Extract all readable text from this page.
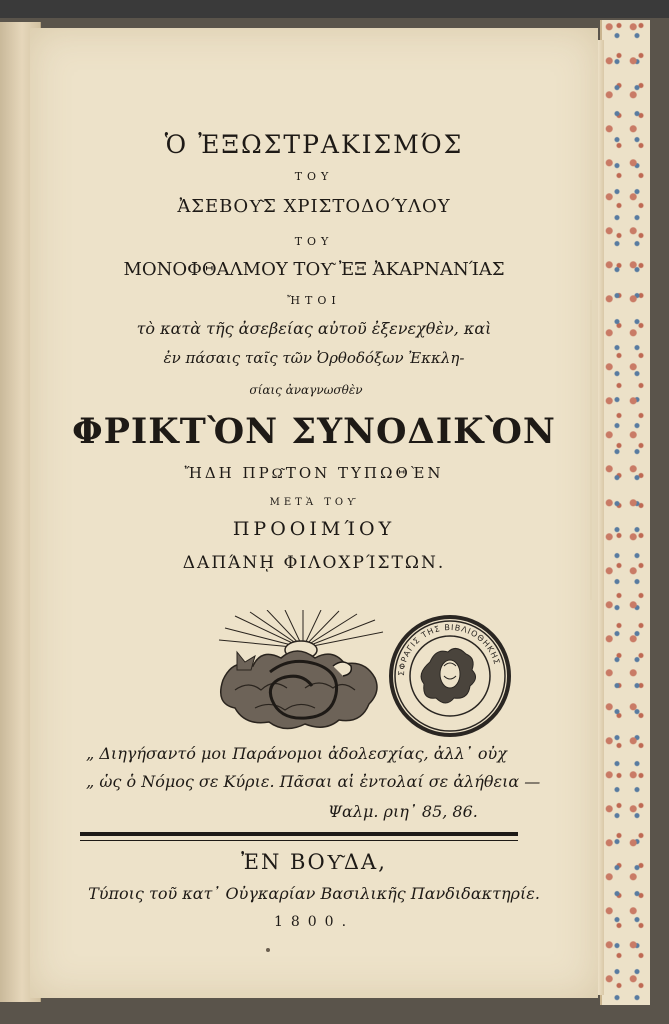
Ὁ ἘΞΩΣΤΡΑΚΙΣΜΌΣ
ΤΟΥ
ἈΣΕΒΟΥ͂Σ ΧΡΙΣΤΟΔΟΎΛΟΥ
ΤΟΥ
ΜΟΝΟΦΘΑΛΜΟΥ ΤΟΥ͂ ἘΞ ἈΚΑΡΝΑΝΊΑΣ
ἬΤΟΙ
τὸ κατὰ τῆς ἀσεβείας αὐτοῦ ἐξενεχθὲν, καὶ
ἐν πάσαις ταῖς τῶν Ὀρθοδόξων Ἐκκλη-
σίαις ἀναγνωσθὲν
ΦΡΙΚΤῸΝ ΣΥΝΟΔΙΚῸΝ
ἬΔΗ ΠΡΩ͂ΤΟΝ ΤΥΠΩΘῈΝ
ΜΕΤᾺ ΤΟΥ͂
ΠΡΟΟΙΜΊΟΥ
ΔΑΠΆΝῌ ΦΙΛΟΧΡΊΣΤΩΝ.
ΣΦΡΑΓΙΣ ΤΗΣ ΒΙΒΛΙΟΘΗΚΗΣ
„ Διηγήσαντό μοι Παράνομοι ἀδολεσχίας, ἀλλ᾽ οὐχ
„ ὡς ὁ Νόμος σε Κύριε. Πᾶσαι αἱ ἐντολαί σε ἀλήθεια —
Ψαλμ. ριη᾽ 85, 86.
ἘΝ ΒΟΥ͂ΔΑ,
Τύποις τοῦ κατ᾽ Οὐγκαρίαν Βασιλικῆς Πανδιδακτηρίε.
1800.
